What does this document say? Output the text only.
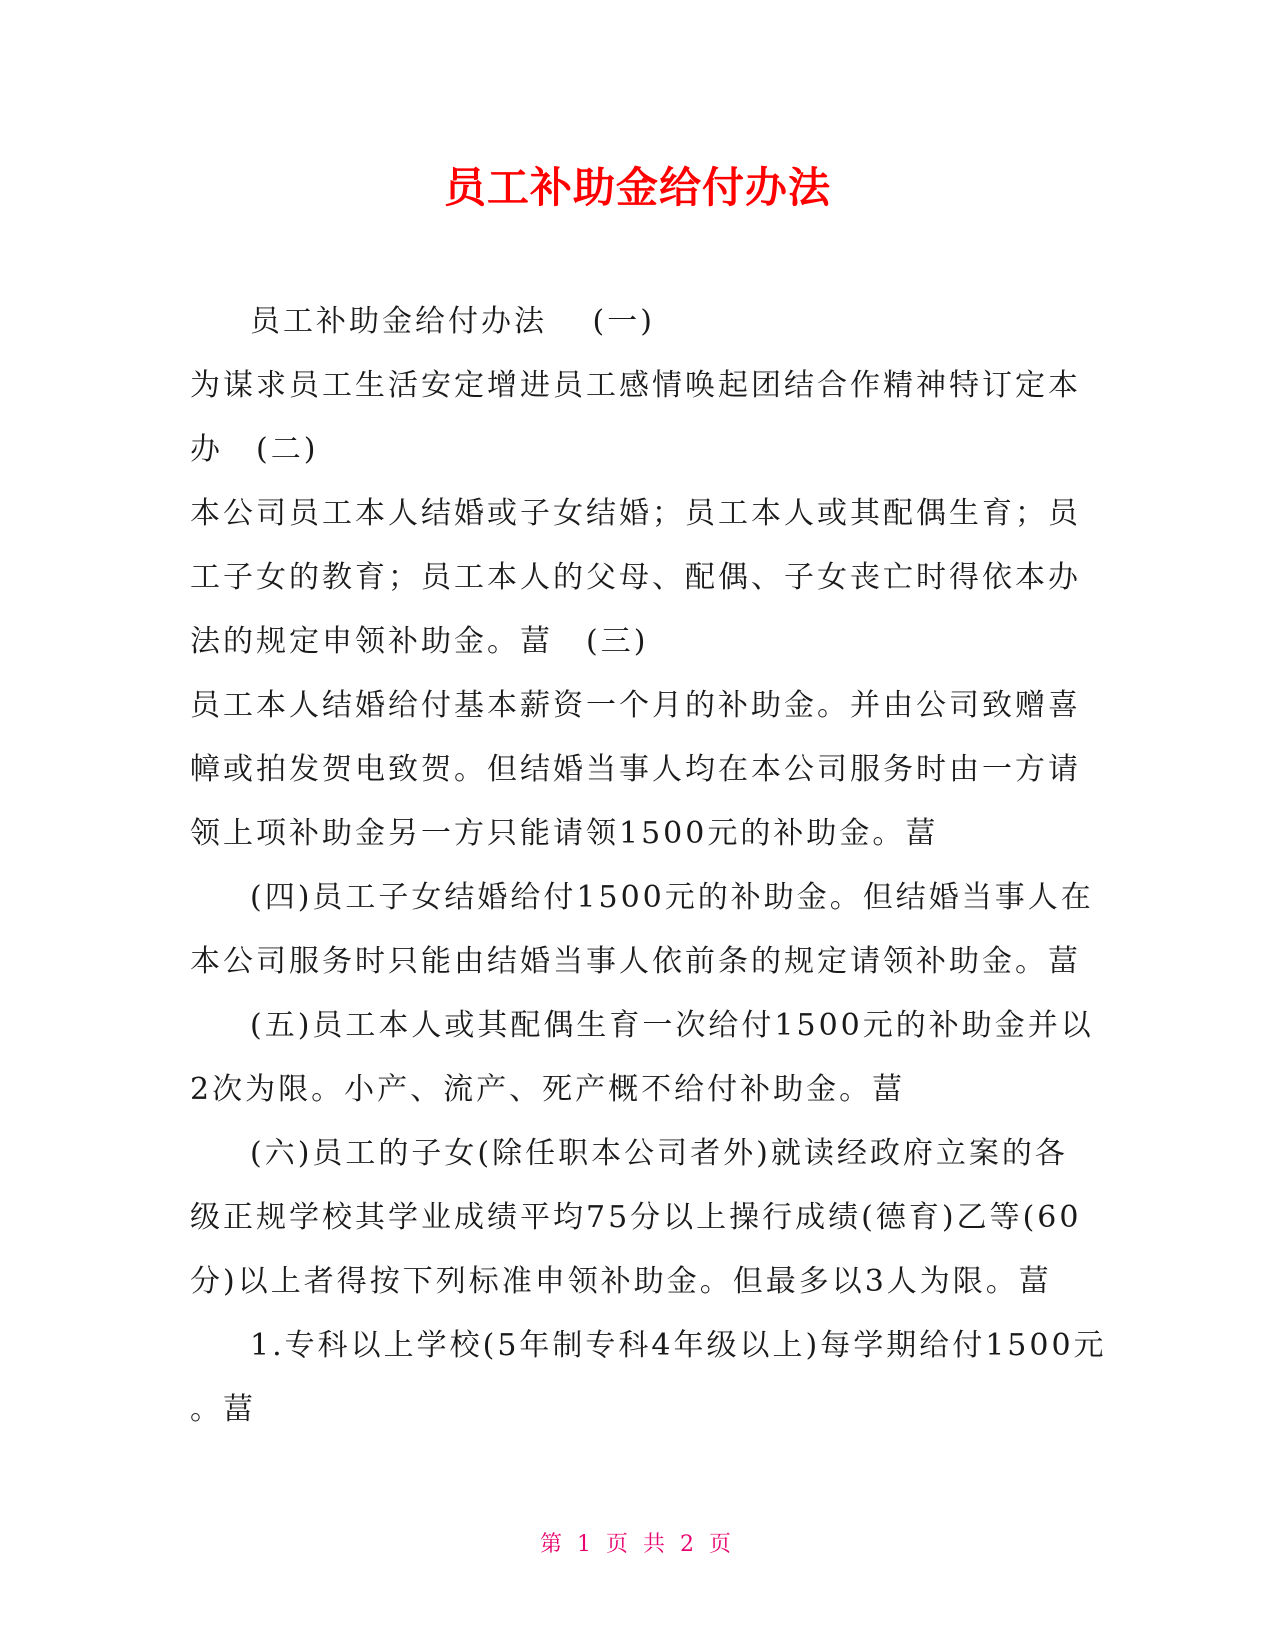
员工补助金给付办法
员工补助金给付办法　 (一)
为谋求员工生活安定增进员工感情唤起团结合作精神特订定本
办　(二)
本公司员工本人结婚或子女结婚；员工本人或其配偶生育；员
工子女的教育；员工本人的父母、配偶、子女丧亡时得依本办
法的规定申领补助金。葍　(三)
员工本人结婚给付基本薪资一个月的补助金。并由公司致赠喜
幛或拍发贺电致贺。但结婚当事人均在本公司服务时由一方请
领上项补助金另一方只能请领1500元的补助金。葍
(四)员工子女结婚给付1500元的补助金。但结婚当事人在
本公司服务时只能由结婚当事人依前条的规定请领补助金。葍
(五)员工本人或其配偶生育一次给付1500元的补助金并以
2次为限。小产、流产、死产概不给付补助金。葍
(六)员工的子女(除任职本公司者外)就读经政府立案的各
级正规学校其学业成绩平均75分以上操行成绩(德育)乙等(60
分)以上者得按下列标准申领补助金。但最多以3人为限。葍
1.专科以上学校(5年制专科4年级以上)每学期给付1500元
。葍
第 1 页 共 2 页
